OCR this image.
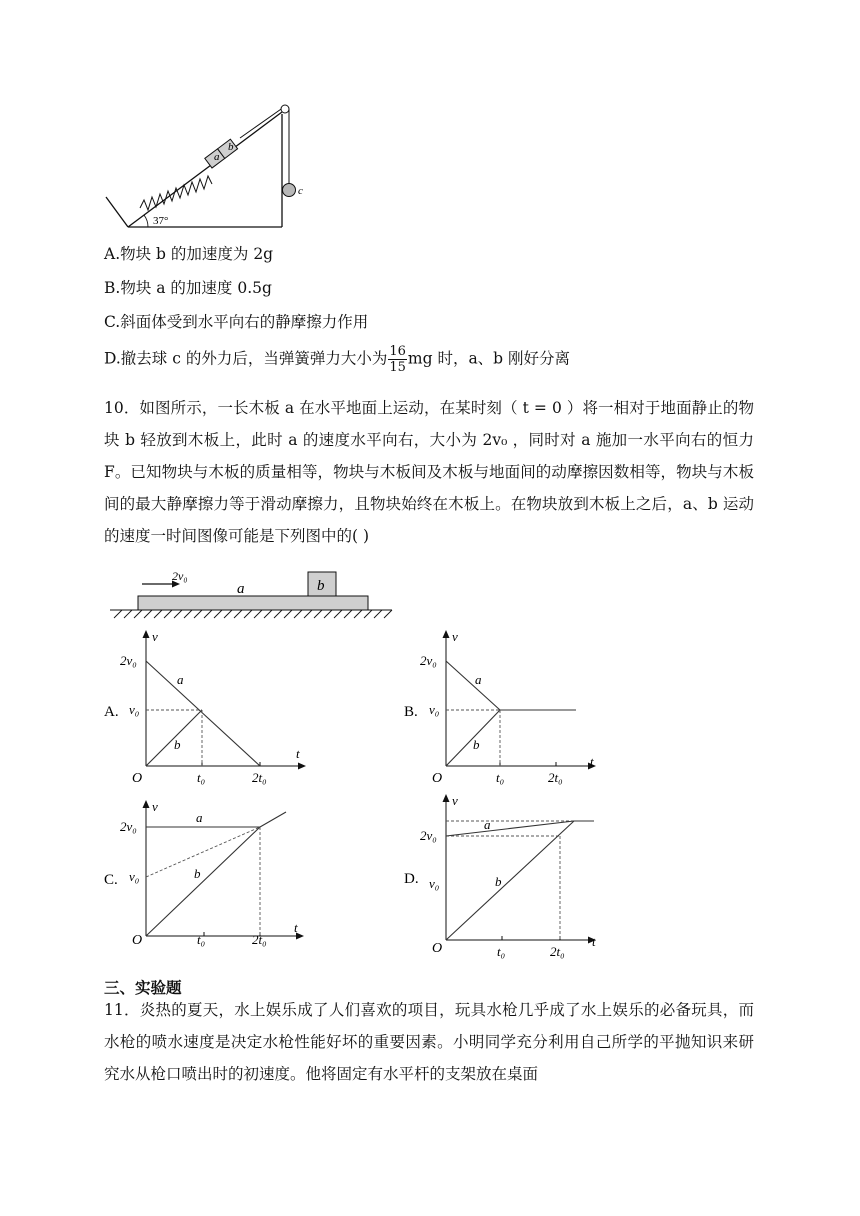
a
b
c
37°
A.物块 b 的加速度为 2g
B.物块 a 的加速度 0.5g
C.斜面体受到水平向右的静摩擦力作用
D.撤去球 c 的外力后，当弹簧弹力大小为 $\frac{16}{15}$ mg 时，a、b 刚好分离
10．如图所示，一长木板 a 在水平地面上运动，在某时刻（ t = 0 ）将一相对于地面静止的物块 b 轻放到木板上，此时 a 的速度水平向右，大小为 2v₀ ，同时对 a 施加一水平向右的恒力 F。已知物块与木板的质量相等，物块与木板间及木板与地面间的动摩擦因数相等，物块与木板间的最大静摩擦力等于滑动摩擦力，且物块始终在木板上。在物块放到木板上之后，a、b 运动的速度一时间图像可能是下列图中的( )
2v₀
a	b
A.
v
t
O
2v₀
v₀
t₀	2t₀
a
b
B.
v
t
O
2v₀
v₀
t₀	2t₀
a
b
C.
v
t
O
2v₀
v₀
t₀	2t₀
a
b	D.
v
t
O
2v₀
v₀
t₀	2t₀
a
b
三、实验题
11．炎热的夏天，水上娱乐成了人们喜欢的项目，玩具水枪几乎成了水上娱乐的必备玩具，而水枪的喷水速度是决定水枪性能好坏的重要因素。小明同学充分利用自己所学的平抛知识来研究水从枪口喷出时的初速度。他将固定有水平杆的支架放在桌面
